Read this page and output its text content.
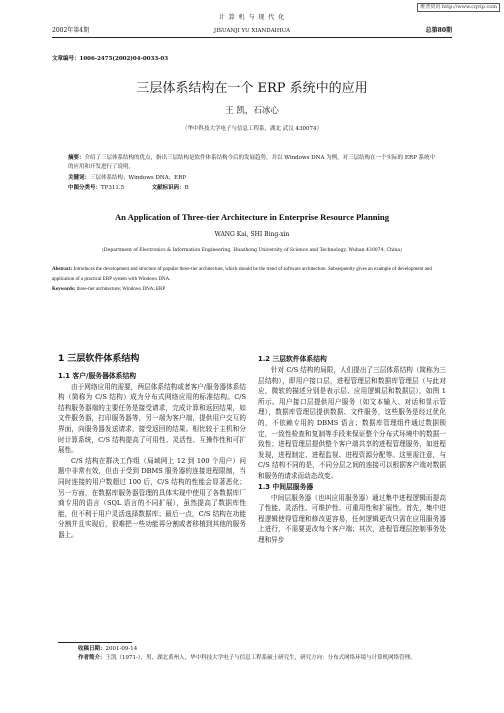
维普资讯 http://www.cqvip.com
计 算 机 与 现 代 化
2002年第4期	JISUANJI YU XIANDAIHUA	总第80期
文章编号：1006-2475(2002)04-0033-03
三层体系结构在一个 ERP 系统中的应用
王 凯，石冰心
（华中科技大学电子与信息工程系，湖北 武汉 430074）
摘要：介绍了三层体系结构的优点，指出三层结构是软件体系结构今后的发展趋势，并以 Windows DNA 为例，对三层结构在一个实际的 ERP 系统中的应用和开发进行了说明。
关键词：三层体系结构；Windows DNA；ERP
中图分类号：TP311.5	文献标识码：B
An Application of Three-tier Architecture in Enterprise Resource Planning
WANG Kai, SHI Bing-xin
(Department of Electronics & Information Engineering, Huazhong University of Science and Technology, Wuhan 430074, China)
Abstract: Introduces the development and structure of popular three-tier architecture, which should be the trend of software architecture. Subsequently gives an example of development and application of a practical ERP system with Windows DNA.
Keywords: three-tier architecture; Windows DNA; ERP
1 三层软件体系结构
1.1 客户/服务器体系结构

由于网络应用的需要，两层体系结构或者客户/服务器体系结构（简称为 C/S 结构）成为分布式网络应用的标准结构。C/S 结构服务器端的主要任务是接受请求，完成计算和返回结果，如文件服务器，打印服务器等，另一端为客户端，提供用户交互的界面，向服务器发送请求，接受返回的结果。相比较于主机和分时计算系统，C/S 结构提高了可用性、灵活性、互操作性和可扩展性。

C/S 结构在群决工作组（局域网上 12 到 100 个用户）问题中非常有效，但由于受到 DBMS 服务器的连接进程限制，当同时连接的用户数超过 100 后，C/S 结构的性能会显著恶化；另一方面，在数据库服务器管理的具体实现中使用了各数据库厂商专用的语言（SQL 语言的不同扩展），虽然提高了数据库性能，但不利于用户灵活选择数据库；最后一点，C/S 结构在功能分割并且实现后，很难把一些功能再分割或者移植到其他的服务器上。

1.2 三层软件体系结构

针对 C/S 结构的局限，人们提出了三层体系结构（简称为三层结构），即用户接口层，进程管理层和数据库管理层（与此对应，微软的描述分别是表示层、应用逻辑层和数据层），如图 1 所示。用户接口层提供用户服务（如文本输入、对话和显示管理），数据库管理层提供数据、文件服务，这些服务是经过优化的，不依赖专用的 DBMS 语言；数据库管理组件通过数据锁定，一致性检查和复制等手段来保证整个分布式环境中的数据一致性；进程管理层提供整个客户端共享的进程管理服务，如进程发现，进程制定、进程监视、进程资源分配等。这里需注意，与 C/S 结构不同的是，不同分层之间的连接可以根据客户端对数据和服务的请求而动态改变。

1.3 中间层服务器

中间层服务器（也叫应用服务器）通过集中进程逻辑而提高了性能、灵活性、可维护性、可重用性和扩展性。首先，集中进程逻辑使得管理和修改更容易，任何逻辑更改只需在应用服务器上进行，不需要更改每个客户端；其次，进程管理层控制事务处理和异步

收稿日期：2001-09-14
作者简介：王凯（1971-），男，湖北黄州人，华中科技大学电子与信息工程系硕士研究生，研究方向：分布式网络环境与计算机网络管理。
